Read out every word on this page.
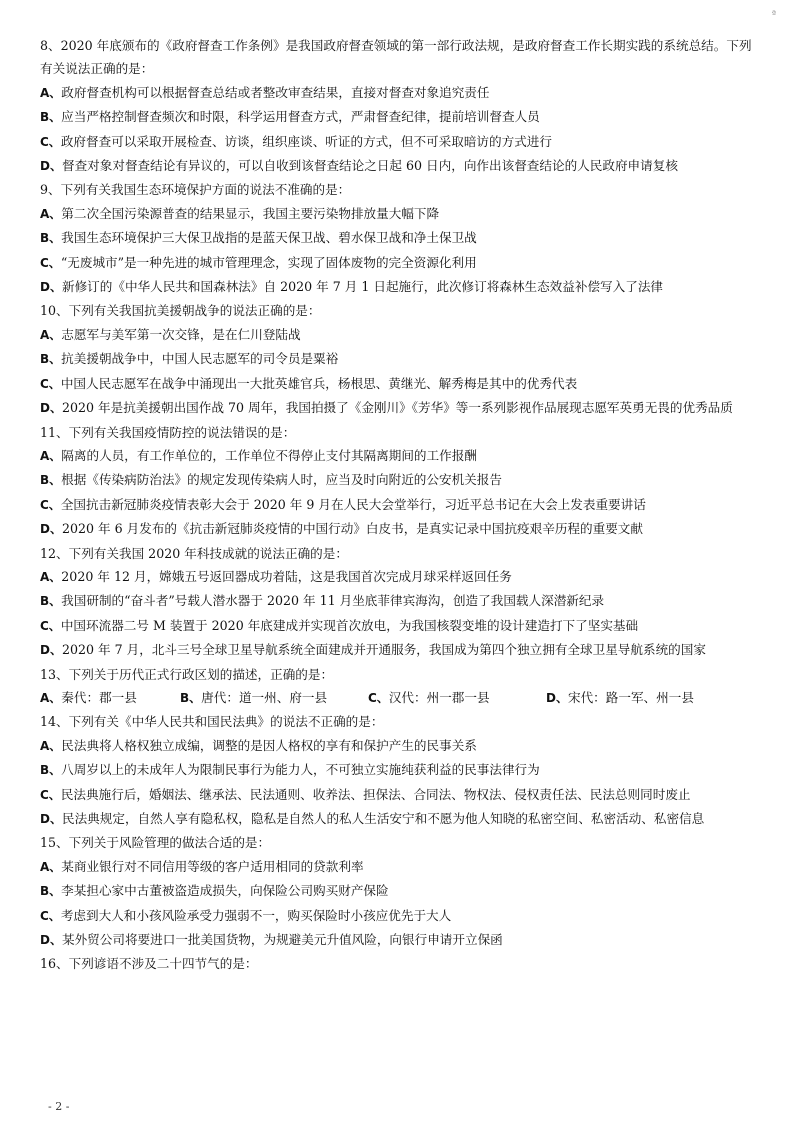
ª

8、2020 年底颁布的《政府督查工作条例》是我国政府督查领域的第一部行政法规，是政府督查工作长期实践的系统总结。下列有关说法正确的是：

A、政府督查机构可以根据督查总结或者整改审查结果，直接对督查对象追究责任

B、应当严格控制督查频次和时限，科学运用督查方式，严肃督查纪律，提前培训督查人员

C、政府督查可以采取开展检查、访谈，组织座谈、听证的方式，但不可采取暗访的方式进行

D、督查对象对督查结论有异议的，可以自收到该督查结论之日起 60 日内，向作出该督查结论的人民政府申请复核

9、下列有关我国生态环境保护方面的说法不准确的是：

A、第二次全国污染源普查的结果显示，我国主要污染物排放量大幅下降

B、我国生态环境保护三大保卫战指的是蓝天保卫战、碧水保卫战和净土保卫战

C、“无废城市”是一种先进的城市管理理念，实现了固体废物的完全资源化利用

D、新修订的《中华人民共和国森林法》自 2020 年 7 月 1 日起施行，此次修订将森林生态效益补偿写入了法律

10、下列有关我国抗美援朝战争的说法正确的是：

A、志愿军与美军第一次交锋，是在仁川登陆战

B、抗美援朝战争中，中国人民志愿军的司令员是粟裕

C、中国人民志愿军在战争中涌现出一大批英雄官兵，杨根思、黄继光、解秀梅是其中的优秀代表

D、2020 年是抗美援朝出国作战 70 周年，我国拍摄了《金刚川》《芳华》等一系列影视作品展现志愿军英勇无畏的优秀品质

11、下列有关我国疫情防控的说法错误的是：

A、隔离的人员，有工作单位的，工作单位不得停止支付其隔离期间的工作报酬

B、根据《传染病防治法》的规定发现传染病人时，应当及时向附近的公安机关报告

C、全国抗击新冠肺炎疫情表彰大会于 2020 年 9 月在人民大会堂举行，习近平总书记在大会上发表重要讲话

D、2020 年 6 月发布的《抗击新冠肺炎疫情的中国行动》白皮书，是真实记录中国抗疫艰辛历程的重要文献

12、下列有关我国 2020 年科技成就的说法正确的是：

A、2020 年 12 月，嫦娥五号返回器成功着陆，这是我国首次完成月球采样返回任务

B、我国研制的“奋斗者”号载人潜水器于 2020 年 11 月坐底菲律宾海沟，创造了我国载人深潜新纪录

C、中国环流器二号 M 装置于 2020 年底建成并实现首次放电，为我国核裂变堆的设计建造打下了坚实基础

D、2020 年 7 月，北斗三号全球卫星导航系统全面建成并开通服务，我国成为第四个独立拥有全球卫星导航系统的国家

13、下列关于历代正式行政区划的描述，正确的是：

A、秦代：郡一县	B、唐代：道一州、府一县	C、汉代：州一郡一县	D、宋代：路一军、州一县

14、下列有关《中华人民共和国民法典》的说法不正确的是：

A、民法典将人格权独立成编，调整的是因人格权的享有和保护产生的民事关系

B、八周岁以上的未成年人为限制民事行为能力人，不可独立实施纯获利益的民事法律行为

C、民法典施行后，婚姻法、继承法、民法通则、收养法、担保法、合同法、物权法、侵权责任法、民法总则同时废止

D、民法典规定，自然人享有隐私权，隐私是自然人的私人生活安宁和不愿为他人知晓的私密空间、私密活动、私密信息

15、下列关于风险管理的做法合适的是：

A、某商业银行对不同信用等级的客户适用相同的贷款利率

B、李某担心家中古董被盗造成损失，向保险公司购买财产保险

C、考虑到大人和小孩风险承受力强弱不一，购买保险时小孩应优先于大人

D、某外贸公司将要进口一批美国货物，为规避美元升值风险，向银行申请开立保函

16、下列谚语不涉及二十四节气的是：

- 2 -
